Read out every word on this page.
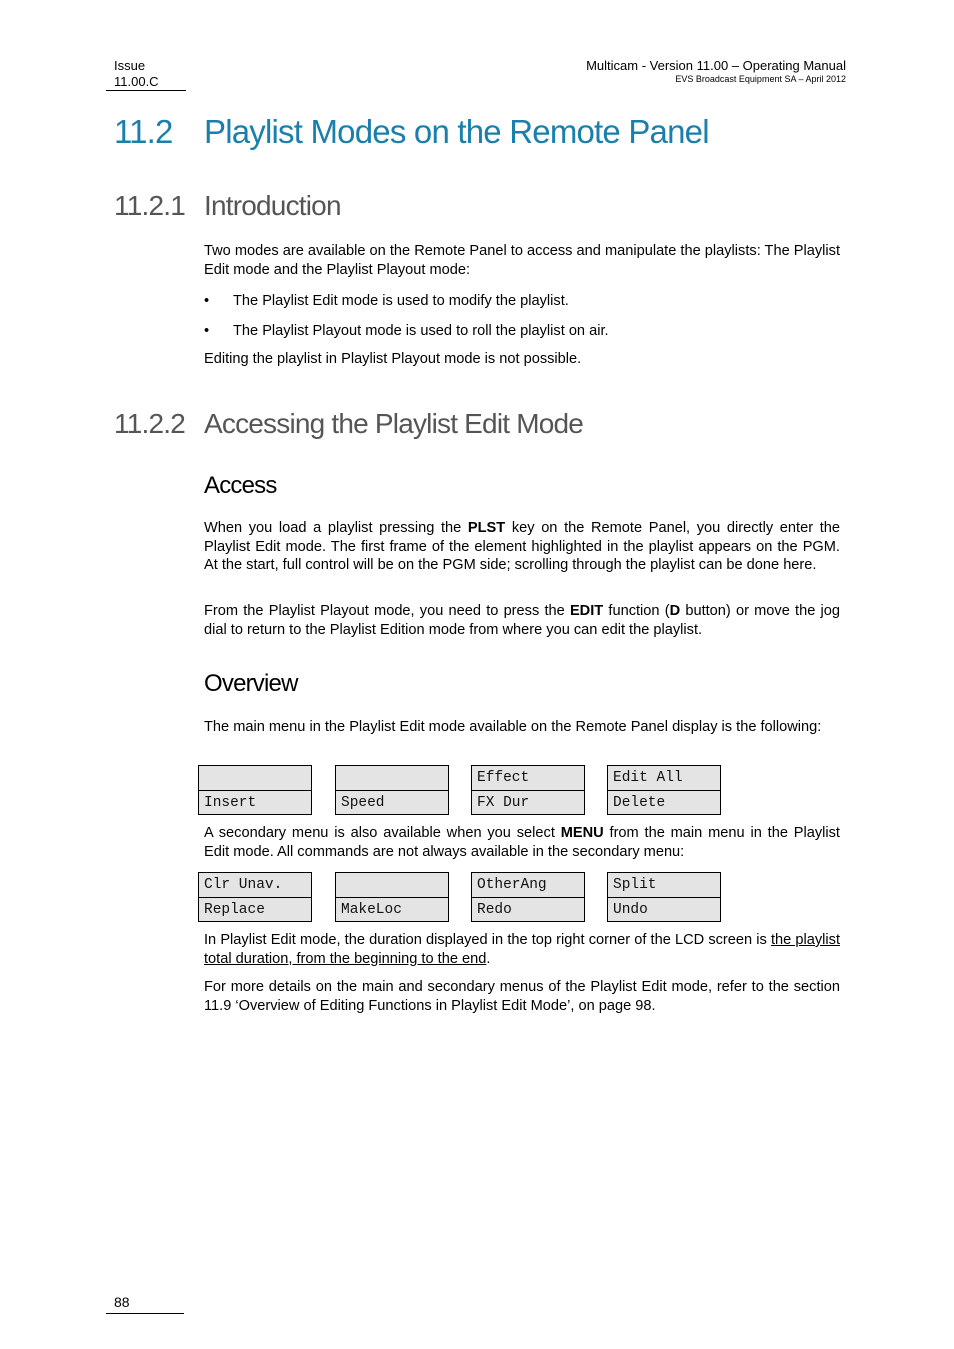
Issue
11.00.C
Multicam - Version 11.00 – Operating Manual
EVS Broadcast Equipment SA – April 2012
11.2 Playlist Modes on the Remote Panel
11.2.1 Introduction
Two modes are available on the Remote Panel to access and manipulate the playlists: The Playlist Edit mode and the Playlist Playout mode:
• The Playlist Edit mode is used to modify the playlist.
• The Playlist Playout mode is used to roll the playlist on air.
Editing the playlist in Playlist Playout mode is not possible.
11.2.2 Accessing the Playlist Edit Mode
Access
When you load a playlist pressing the PLST key on the Remote Panel, you directly enter the Playlist Edit mode. The first frame of the element highlighted in the playlist appears on the PGM. At the start, full control will be on the PGM side; scrolling through the playlist can be done here.
From the Playlist Playout mode, you need to press the EDIT function (D button) or move the jog dial to return to the Playlist Edition mode from where you can edit the playlist.
Overview
The main menu in the Playlist Edit mode available on the Remote Panel display is the following:
Insert	Speed
Effect
FX Dur
Edit All
Delete
A secondary menu is also available when you select MENU from the main menu in the Playlist Edit mode. All commands are not always available in the secondary menu:
Clr Unav.
Replace	MakeLoc
OtherAng
Redo
Split
Undo
In Playlist Edit mode, the duration displayed in the top right corner of the LCD screen is the playlist total duration, from the beginning to the end.
For more details on the main and secondary menus of the Playlist Edit mode, refer to the section 11.9 ‘Overview of Editing Functions in Playlist Edit Mode’, on page 98.
88
